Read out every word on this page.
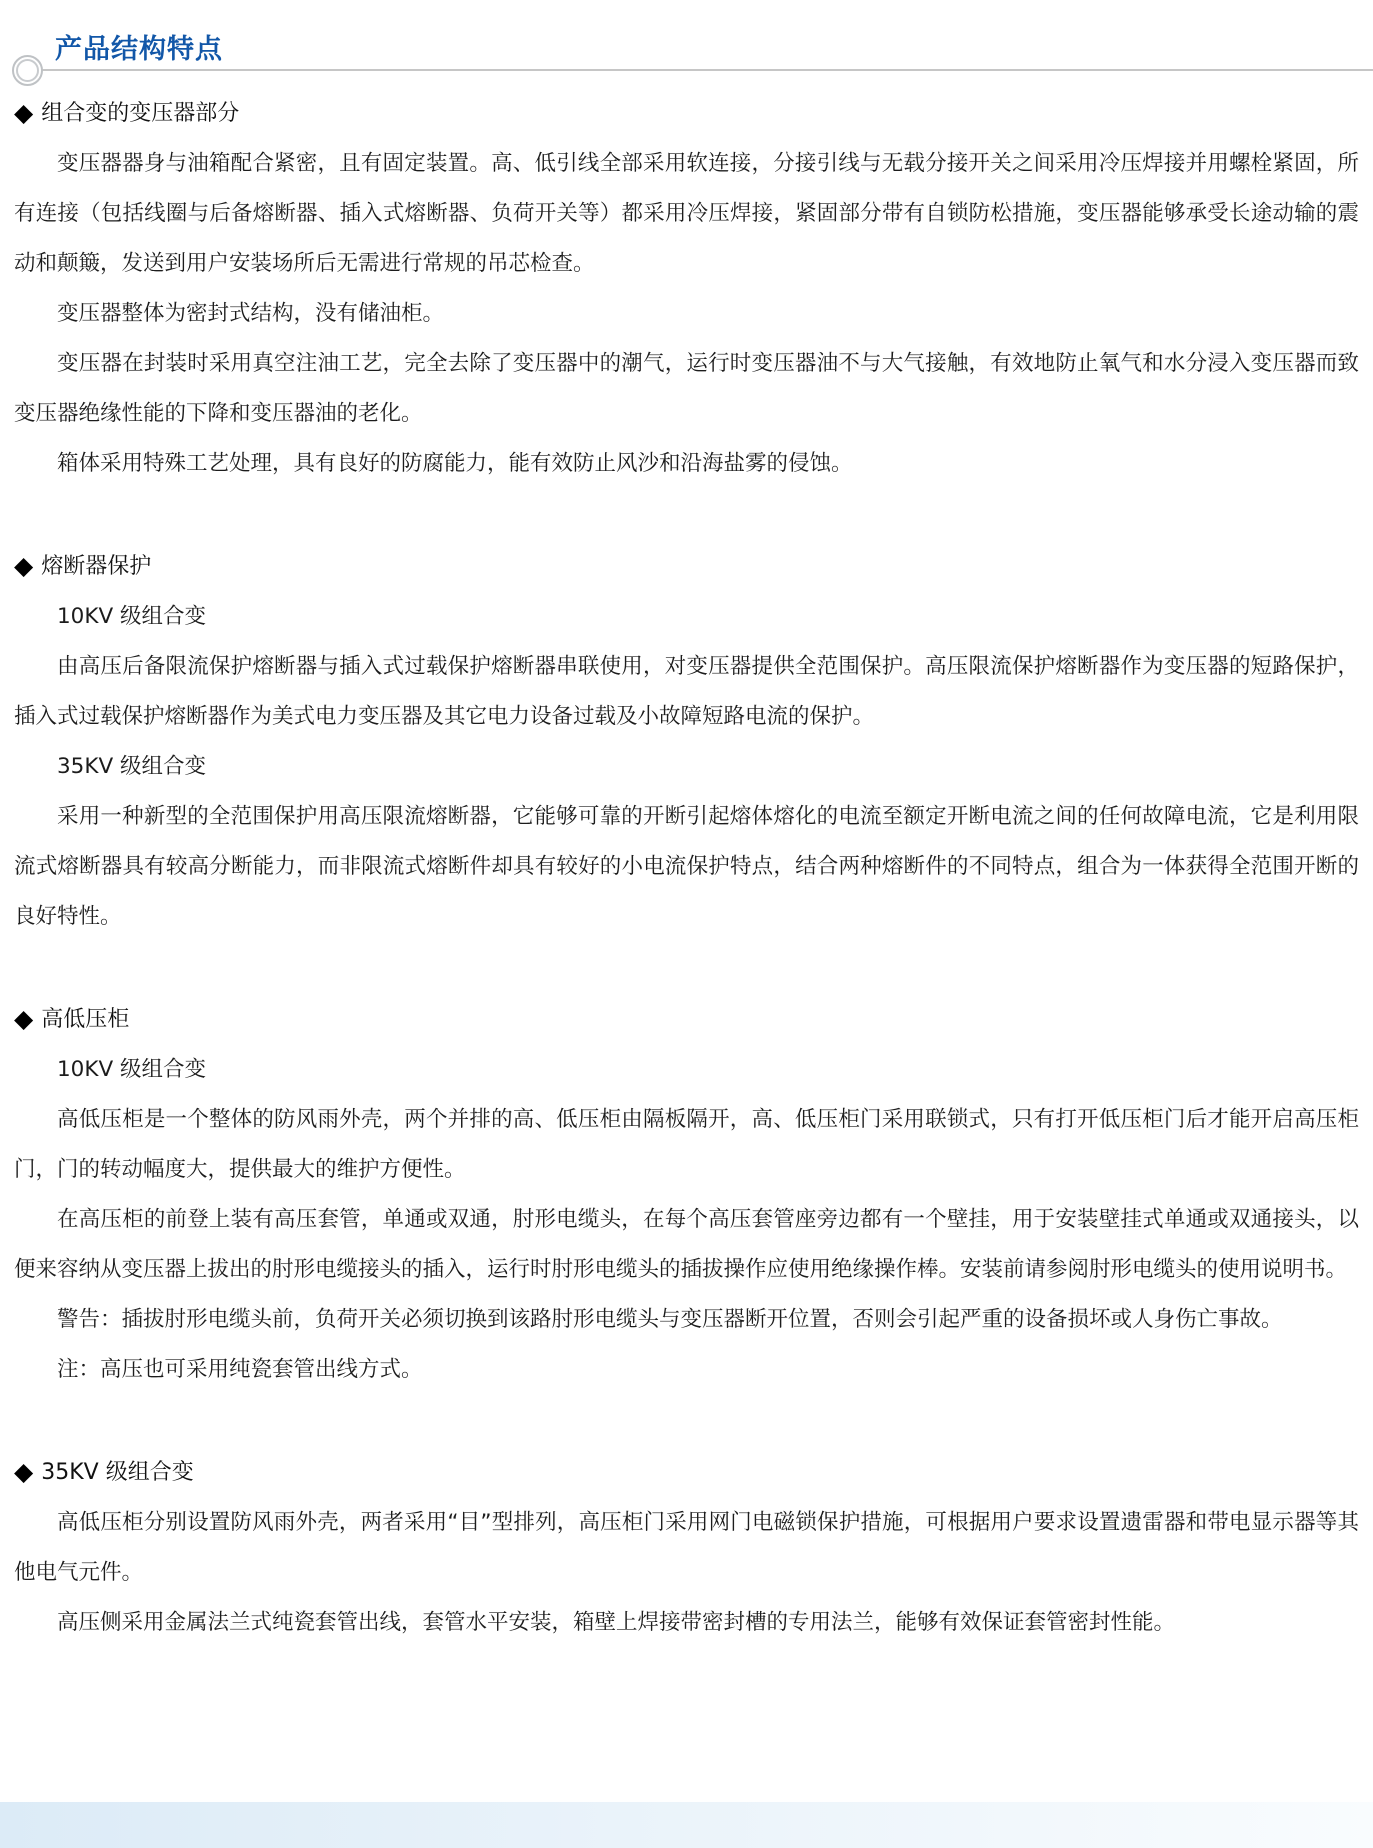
产品结构特点
◆ 组合变的变压器部分

变压器器身与油箱配合紧密，且有固定装置。高、低引线全部采用软连接，分接引线与无载分接开关之间采用冷压焊接并用螺栓紧固，所有连接（包括线圈与后备熔断器、插入式熔断器、负荷开关等）都采用冷压焊接，紧固部分带有自锁防松措施，变压器能够承受长途动输的震动和颠簸，发送到用户安装场所后无需进行常规的吊芯检查。

变压器整体为密封式结构，没有储油柜。

变压器在封装时采用真空注油工艺，完全去除了变压器中的潮气，运行时变压器油不与大气接触，有效地防止氧气和水分浸入变压器而致变压器绝缘性能的下降和变压器油的老化。

箱体采用特殊工艺处理，具有良好的防腐能力，能有效防止风沙和沿海盐雾的侵蚀。

◆ 熔断器保护

10KV 级组合变

由高压后备限流保护熔断器与插入式过载保护熔断器串联使用，对变压器提供全范围保护。高压限流保护熔断器作为变压器的短路保护，插入式过载保护熔断器作为美式电力变压器及其它电力设备过载及小故障短路电流的保护。

35KV 级组合变

采用一种新型的全范围保护用高压限流熔断器，它能够可靠的开断引起熔体熔化的电流至额定开断电流之间的任何故障电流，它是利用限流式熔断器具有较高分断能力，而非限流式熔断件却具有较好的小电流保护特点，结合两种熔断件的不同特点，组合为一体获得全范围开断的良好特性。

◆ 高低压柜

10KV 级组合变

高低压柜是一个整体的防风雨外壳，两个并排的高、低压柜由隔板隔开，高、低压柜门采用联锁式，只有打开低压柜门后才能开启高压柜门，门的转动幅度大，提供最大的维护方便性。

在高压柜的前登上装有高压套管，单通或双通，肘形电缆头，在每个高压套管座旁边都有一个壁挂，用于安装壁挂式单通或双通接头，以便来容纳从变压器上拔出的肘形电缆接头的插入，运行时肘形电缆头的插拔操作应使用绝缘操作棒。安装前请参阅肘形电缆头的使用说明书。

警告：插拔肘形电缆头前，负荷开关必须切换到该路肘形电缆头与变压器断开位置，否则会引起严重的设备损坏或人身伤亡事故。

注：高压也可采用纯瓷套管出线方式。

◆ 35KV 级组合变

高低压柜分别设置防风雨外壳，两者采用“目”型排列，高压柜门采用网门电磁锁保护措施，可根据用户要求设置遗雷器和带电显示器等其他电气元件。

高压侧采用金属法兰式纯瓷套管出线，套管水平安装，箱壁上焊接带密封槽的专用法兰，能够有效保证套管密封性能。
